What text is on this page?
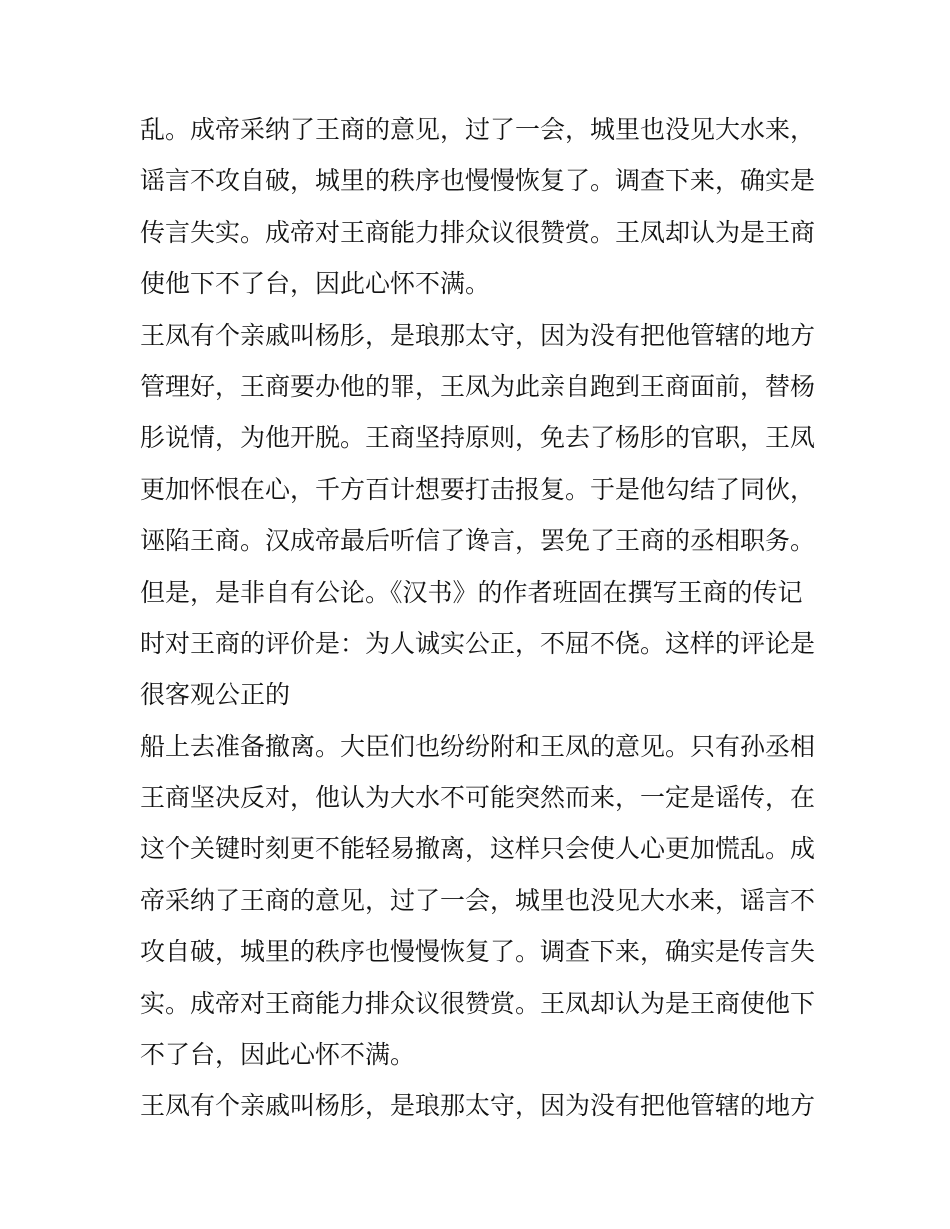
乱。成帝采纳了王商的意见，过了一会，城里也没见大水来，
谣言不攻自破，城里的秩序也慢慢恢复了。调查下来，确实是
传言失实。成帝对王商能力排众议很赞赏。王凤却认为是王商
使他下不了台，因此心怀不满。
王凤有个亲戚叫杨肜，是琅那太守，因为没有把他管辖的地方
管理好，王商要办他的罪，王凤为此亲自跑到王商面前，替杨
肜说情，为他开脱。王商坚持原则，免去了杨肜的官职，王凤
更加怀恨在心，千方百计想要打击报复。于是他勾结了同伙，
诬陷王商。汉成帝最后听信了谗言，罢免了王商的丞相职务。
但是，是非自有公论。《汉书》的作者班固在撰写王商的传记
时对王商的评价是：为人诚实公正，不屈不侥。这样的评论是
很客观公正的
船上去准备撤离。大臣们也纷纷附和王凤的意见。只有孙丞相
王商坚决反对，他认为大水不可能突然而来，一定是谣传，在
这个关键时刻更不能轻易撤离，这样只会使人心更加慌乱。成
帝采纳了王商的意见，过了一会，城里也没见大水来，谣言不
攻自破，城里的秩序也慢慢恢复了。调查下来，确实是传言失
实。成帝对王商能力排众议很赞赏。王凤却认为是王商使他下
不了台，因此心怀不满。
王凤有个亲戚叫杨肜，是琅那太守，因为没有把他管辖的地方
